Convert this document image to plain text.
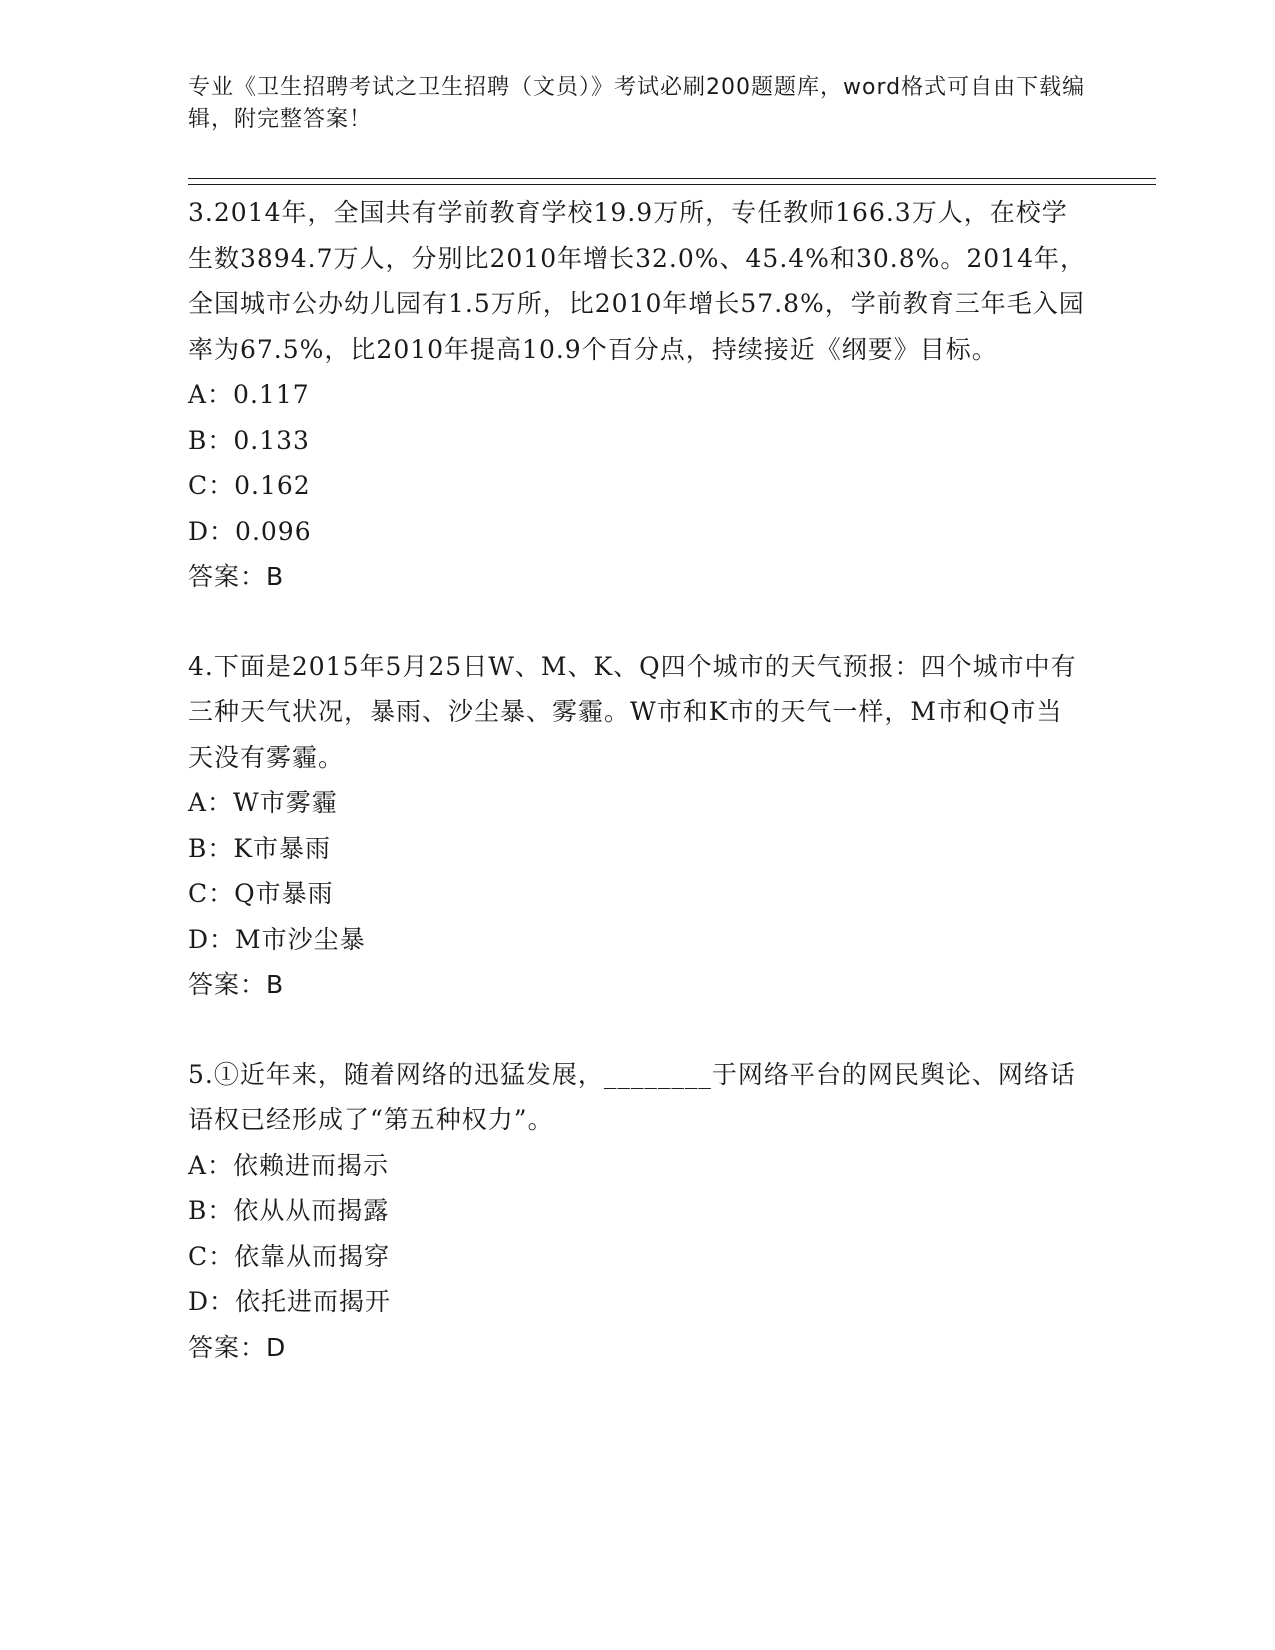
专业《卫生招聘考试之卫生招聘（文员）》考试必刷200题题库，word格式可自由下载编辑，附完整答案！

3.2014年，全国共有学前教育学校19.9万所，专任教师166.3万人，在校学生数3894.7万人，分别比2010年增长32.0%、45.4%和30.8%。2014年，全国城市公办幼儿园有1.5万所，比2010年增长57.8%，学前教育三年毛入园率为67.5%，比2010年提高10.9个百分点，持续接近《纲要》目标。

A：0.117

B：0.133

C：0.162

D：0.096

答案：B

4.下面是2015年5月25日W、M、K、Q四个城市的天气预报：四个城市中有三种天气状况，暴雨、沙尘暴、雾霾。W市和K市的天气一样，M市和Q市当天没有雾霾。

A：W市雾霾

B：K市暴雨

C：Q市暴雨

D：M市沙尘暴

答案：B

5.①近年来，随着网络的迅猛发展，________于网络平台的网民舆论、网络话语权已经形成了“第五种权力”。

A：依赖进而揭示

B：依从从而揭露

C：依靠从而揭穿

D：依托进而揭开

答案：D
